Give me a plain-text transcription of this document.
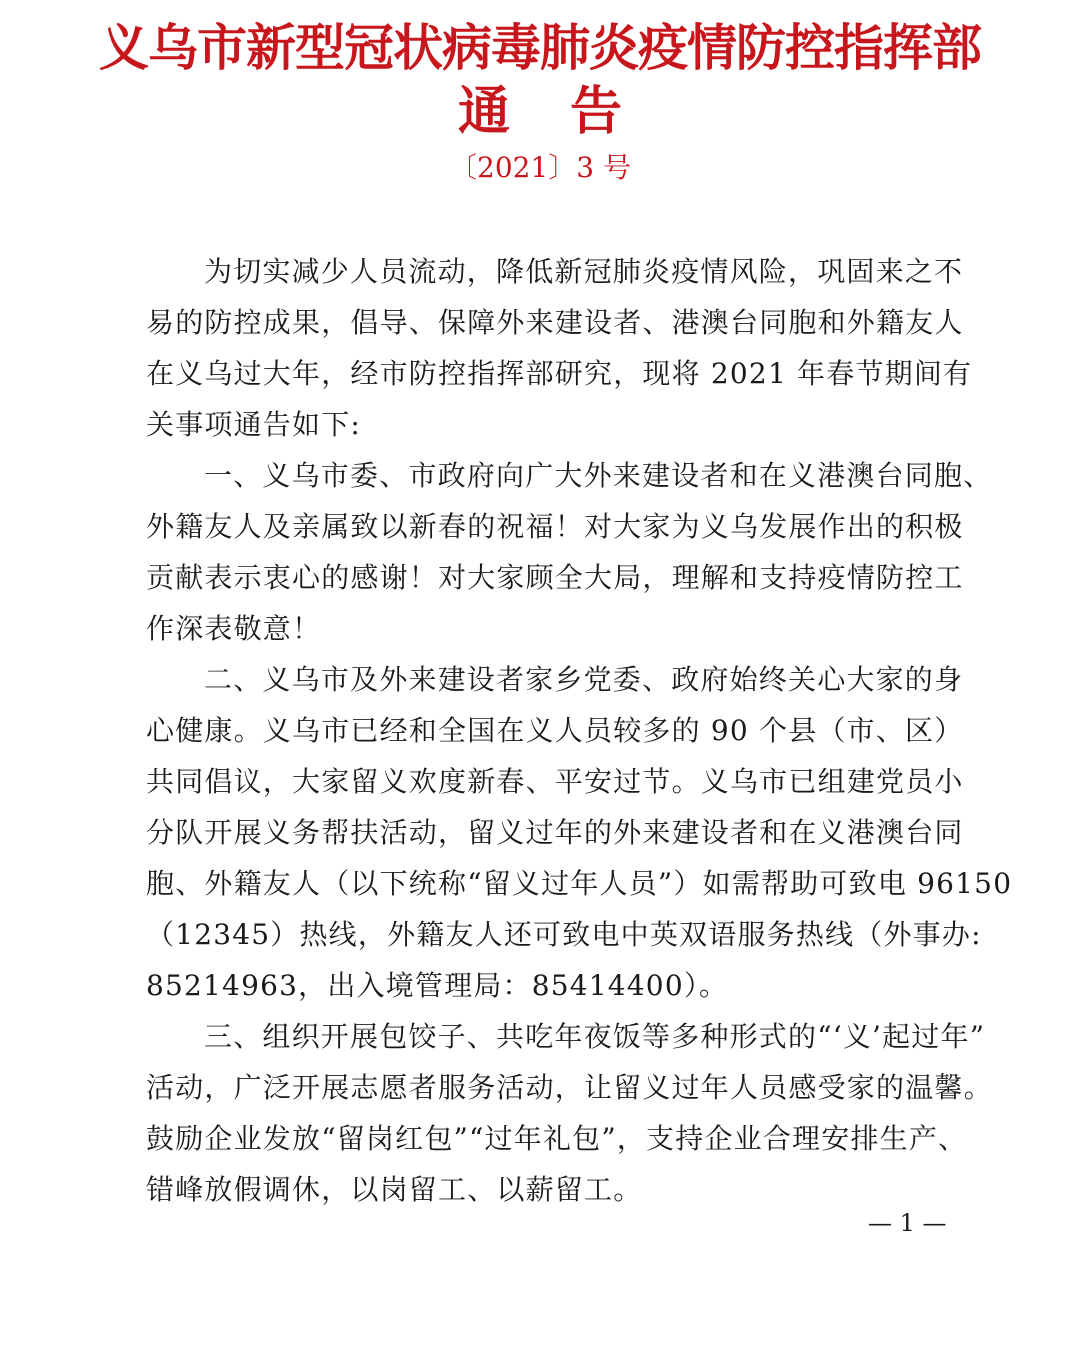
义乌市新型冠状病毒肺炎疫情防控指挥部
通告
〔2021〕3 号
为切实减少人员流动，降低新冠肺炎疫情风险，巩固来之不
易的防控成果，倡导、保障外来建设者、港澳台同胞和外籍友人
在义乌过大年，经市防控指挥部研究，现将 2021 年春节期间有
关事项通告如下:
一、义乌市委、市政府向广大外来建设者和在义港澳台同胞、
外籍友人及亲属致以新春的祝福！对大家为义乌发展作出的积极
贡献表示衷心的感谢！对大家顾全大局，理解和支持疫情防控工
作深表敬意！
二、义乌市及外来建设者家乡党委、政府始终关心大家的身
心健康。义乌市已经和全国在义人员较多的 90 个县（市、区）
共同倡议，大家留义欢度新春、平安过节。义乌市已组建党员小
分队开展义务帮扶活动，留义过年的外来建设者和在义港澳台同
胞、外籍友人（以下统称“留义过年人员”）如需帮助可致电 96150
（12345）热线，外籍友人还可致电中英双语服务热线（外事办:
85214963，出入境管理局：85414400）。
三、组织开展包饺子、共吃年夜饭等多种形式的“‘义’起过年”
活动，广泛开展志愿者服务活动，让留义过年人员感受家的温馨。
鼓励企业发放“留岗红包”“过年礼包”，支持企业合理安排生产、
错峰放假调休，以岗留工、以薪留工。
— 1 —
